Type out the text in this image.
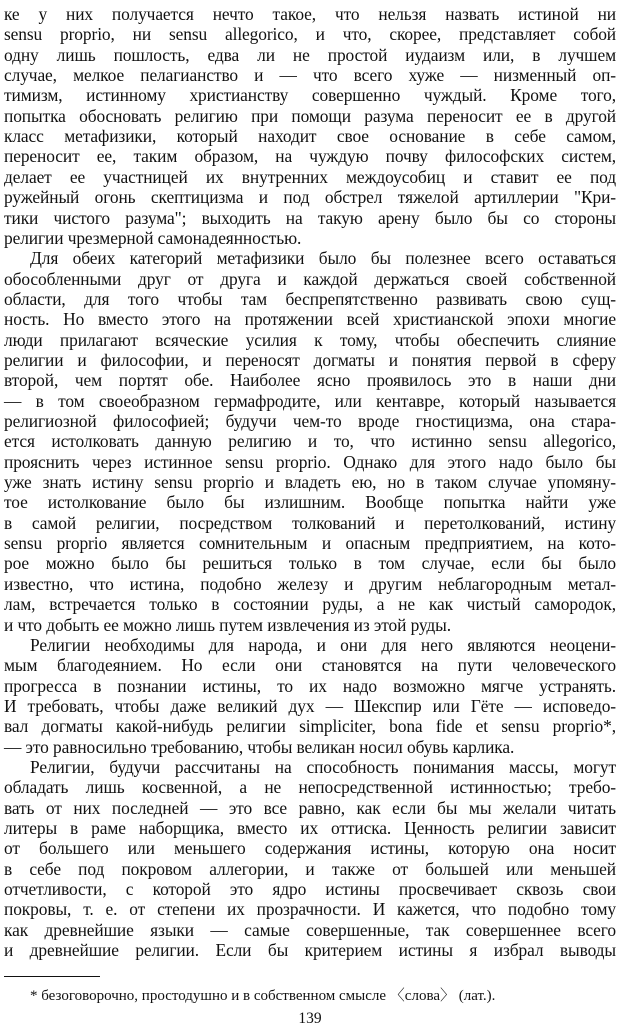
ке у них получается нечто такое, что нельзя назвать истиной ни
sensu proprio, ни sensu allegorico, и что, скорее, представляет собой
одну лишь пошлость, едва ли не простой иудаизм или, в лучшем
случае, мелкое пелагианство и — что всего хуже — низменный оп-
тимизм, истинному христианству совершенно чуждый. Кроме того,
попытка обосновать религию при помощи разума переносит ее в другой
класс метафизики, который находит свое основание в себе самом,
переносит ее, таким образом, на чуждую почву философских систем,
делает ее участницей их внутренних междоусобиц и ставит ее под
ружейный огонь скептицизма и под обстрел тяжелой артиллерии "Кри-
тики чистого разума"; выходить на такую арену было бы со стороны
религии чрезмерной самонадеянностью.
Для обеих категорий метафизики было бы полезнее всего оставаться
обособленными друг от друга и каждой держаться своей собственной
области, для того чтобы там беспрепятственно развивать свою сущ-
ность. Но вместо этого на протяжении всей христианской эпохи многие
люди прилагают всяческие усилия к тому, чтобы обеспечить слияние
религии и философии, и переносят догматы и понятия первой в сферу
второй, чем портят обе. Наиболее ясно проявилось это в наши дни
— в том своеобразном гермафродите, или кентавре, который называется
религиозной философией; будучи чем-то вроде гностицизма, она стара-
ется истолковать данную религию и то, что истинно sensu allegorico,
прояснить через истинное sensu proprio. Однако для этого надо было бы
уже знать истину sensu proprio и владеть ею, но в таком случае упомяну-
тое истолкование было бы излишним. Вообще попытка найти уже
в самой религии, посредством толкований и перетолкований, истину
sensu proprio является сомнительным и опасным предприятием, на кото-
рое можно было бы решиться только в том случае, если бы было
известно, что истина, подобно железу и другим неблагородным метал-
лам, встречается только в состоянии руды, а не как чистый самородок,
и что добыть ее можно лишь путем извлечения из этой руды.
Религии необходимы для народа, и они для него являются неоцени-
мым благодеянием. Но если они становятся на пути человеческого
прогресса в познании истины, то их надо возможно мягче устранять.
И требовать, чтобы даже великий дух — Шекспир или Гёте — исповедо-
вал догматы какой-нибудь религии simpliciter, bona fide et sensu proprio*,
— это равносильно требованию, чтобы великан носил обувь карлика.
Религии, будучи рассчитаны на способность понимания массы, могут
обладать лишь косвенной, а не непосредственной истинностью; требо-
вать от них последней — это все равно, как если бы мы желали читать
литеры в раме наборщика, вместо их оттиска. Ценность религии зависит
от большего или меньшего содержания истины, которую она носит
в себе под покровом аллегории, и также от большей или меньшей
отчетливости, с которой это ядро истины просвечивает сквозь свои
покровы, т. е. от степени их прозрачности. И кажется, что подобно тому
как древнейшие языки — самые совершенные, так совершеннее всего
и древнейшие религии. Если бы критерием истины я избрал выводы
* безоговорочно, простодушно и в собственном смысле 〈слова〉 (лат.).
139
